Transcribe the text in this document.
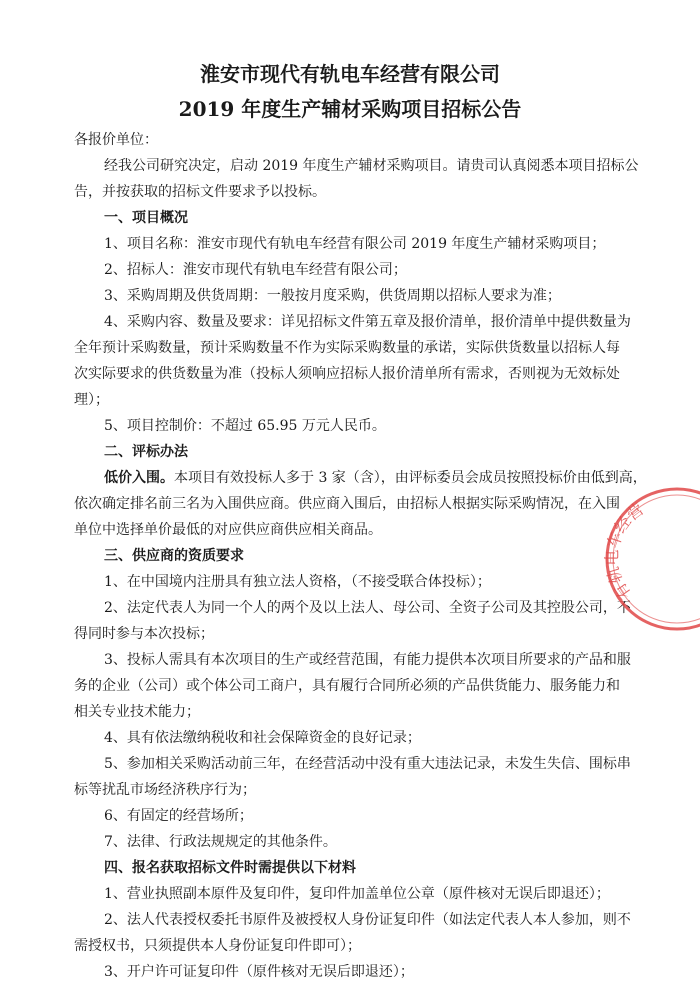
淮安市现代有轨电车经营有限公司
2019 年度生产辅材采购项目招标公告
各报价单位：
经我公司研究决定，启动 2019 年度生产辅材采购项目。请贵司认真阅悉本项目招标公
告，并按获取的招标文件要求予以投标。
一、项目概况
1、项目名称：淮安市现代有轨电车经营有限公司 2019 年度生产辅材采购项目；
2、招标人：淮安市现代有轨电车经营有限公司；
3、采购周期及供货周期：一般按月度采购，供货周期以招标人要求为准；
4、采购内容、数量及要求：详见招标文件第五章及报价清单，报价清单中提供数量为
全年预计采购数量，预计采购数量不作为实际采购数量的承诺，实际供货数量以招标人每
次实际要求的供货数量为准（投标人须响应招标人报价清单所有需求，否则视为无效标处
理）；
5、项目控制价：不超过 65.95 万元人民币。
二、评标办法
低价入围。本项目有效投标人多于 3 家（含），由评标委员会成员按照投标价由低到高，
依次确定排名前三名为入围供应商。供应商入围后，由招标人根据实际采购情况，在入围
单位中选择单价最低的对应供应商供应相关商品。
三、供应商的资质要求
1、在中国境内注册具有独立法人资格，（不接受联合体投标）；
2、法定代表人为同一个人的两个及以上法人、母公司、全资子公司及其控股公司，不
得同时参与本次投标；
3、投标人需具有本次项目的生产或经营范围，有能力提供本次项目所要求的产品和服
务的企业（公司）或个体公司工商户，具有履行合同所必须的产品供货能力、服务能力和
相关专业技术能力；
4、具有依法缴纳税收和社会保障资金的良好记录；
5、参加相关采购活动前三年，在经营活动中没有重大违法记录，未发生失信、围标串
标等扰乱市场经济秩序行为；
6、有固定的经营场所；
7、法律、行政法规规定的其他条件。
四、报名获取招标文件时需提供以下材料
1、营业执照副本原件及复印件，复印件加盖单位公章（原件核对无误后即退还）；
2、法人代表授权委托书原件及被授权人身份证复印件（如法定代表人本人参加，则不
需授权书，只须提供本人身份证复印件即可）；
3、开户许可证复印件（原件核对无误后即退还）；
有轨电车经营
